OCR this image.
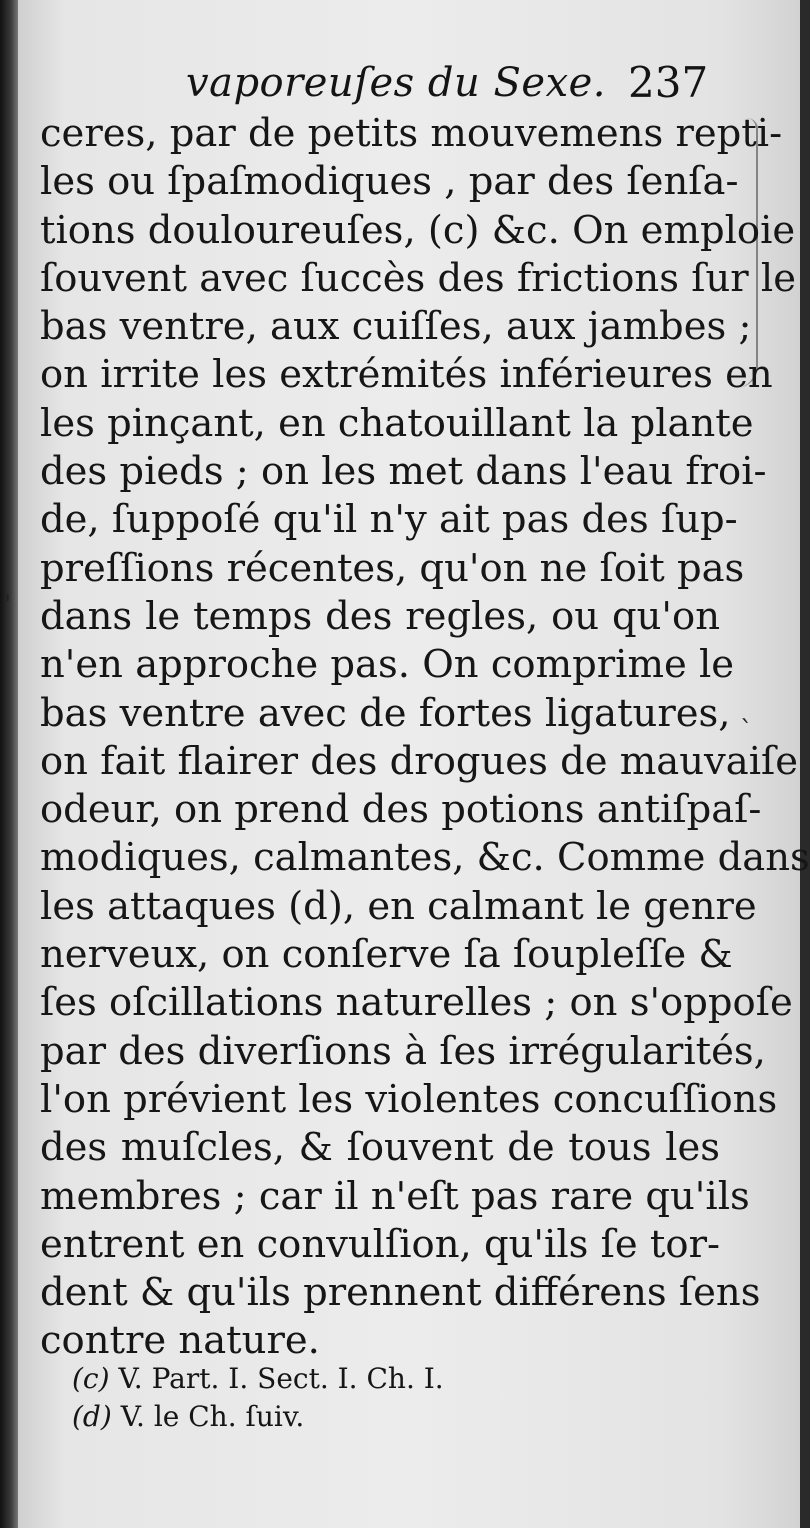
vaporeuſes du Sexe. 237
ceres, par de petits mouvemens repti-
les ou ſpaſmodiques , par des ſenſa-
tions douloureuſes, (c) &c. On emploie
ſouvent avec ſuccès des frictions ſur le
bas ventre, aux cuiſſes, aux jambes ;
on irrite les extrémités inférieures en
les pinçant, en chatouillant la plante
des pieds ; on les met dans l'eau froi-
de, ſuppoſé qu'il n'y ait pas des ſup-
preſſions récentes, qu'on ne ſoit pas
dans le temps des regles, ou qu'on
n'en approche pas. On comprime le
bas ventre avec de fortes ligatures,
on fait flairer des drogues de mauvaiſe
odeur, on prend des potions antiſpaſ-
modiques, calmantes, &c. Comme dans
les attaques (d), en calmant le genre
nerveux, on conſerve ſa ſoupleſſe &
ſes oſcillations naturelles ; on s'oppoſe
par des diverſions à ſes irrégularités,
l'on prévient les violentes concuſſions
des muſcles, & ſouvent de tous les
membres ; car il n'eſt pas rare qu'ils
entrent en convulſion, qu'ils ſe tor-
dent & qu'ils prennent différens ſens
contre nature.
'
`
(c) V. Part. I. Sect. I. Ch. I.
(d) V. le Ch. ſuiv.
